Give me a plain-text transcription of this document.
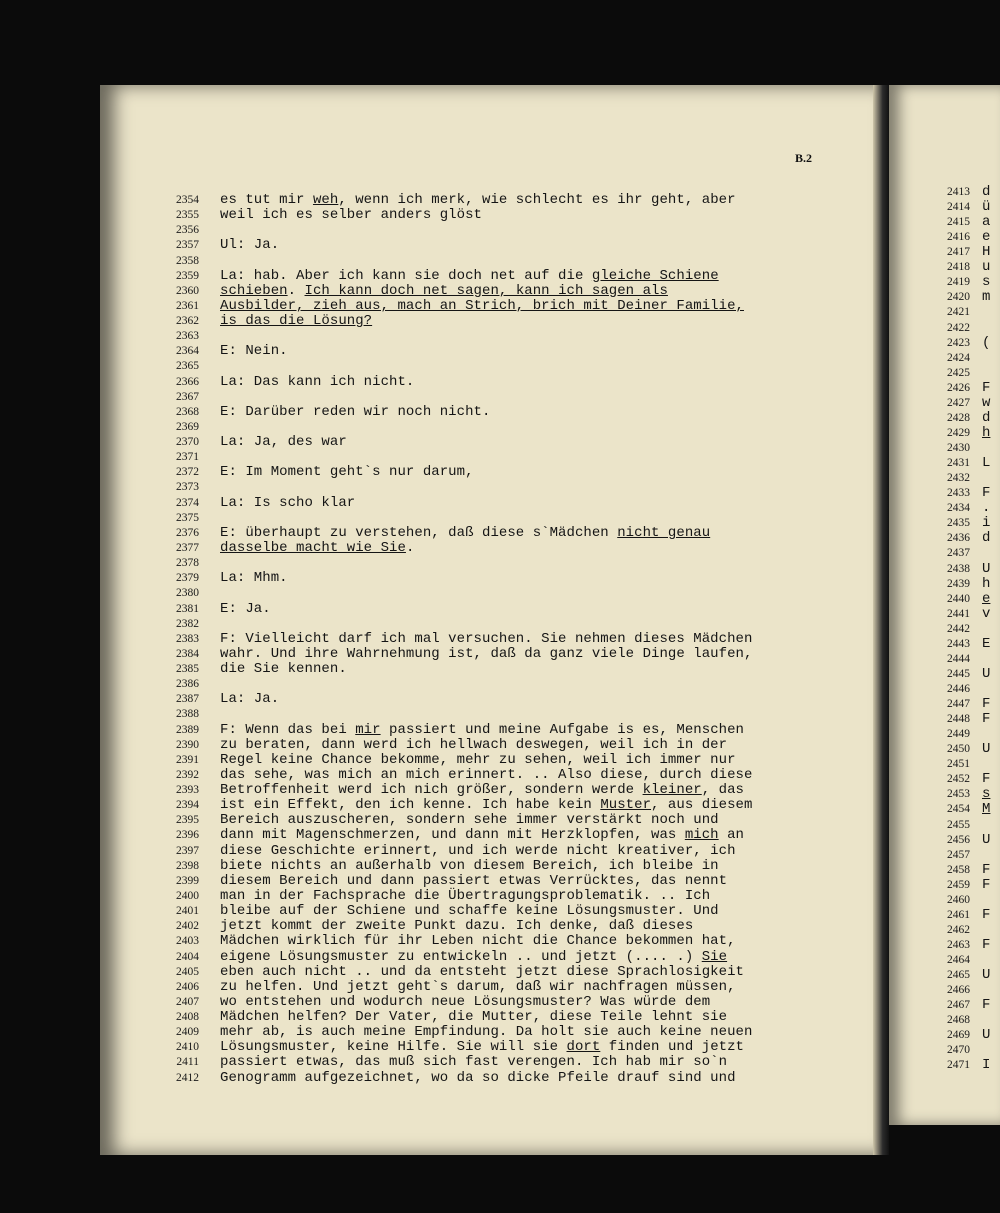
B.2
2354 es tut mir weh, wenn ich merk, wie schlecht es ihr geht, aber
2355 weil ich es selber anders glöst
2356
2357 Ul: Ja.
2358
2359 La: hab. Aber ich kann sie doch net auf die gleiche Schiene
2360 schieben. Ich kann doch net sagen, kann ich sagen als
2361 Ausbilder, zieh aus, mach an Strich, brich mit Deiner Familie,
2362 is das die Lösung?
2363
2364 E: Nein.
2365
2366 La: Das kann ich nicht.
2367
2368 E: Darüber reden wir noch nicht.
2369
2370 La: Ja, des war
2371
2372 E: Im Moment geht`s nur darum,
2373
2374 La: Is scho klar
2375
2376 E: überhaupt zu verstehen, daß diese s`Mädchen nicht genau
2377 dasselbe macht wie Sie.
2378
2379 La: Mhm.
2380
2381 E: Ja.
2382
2383 F: Vielleicht darf ich mal versuchen. Sie nehmen dieses Mädchen
2384 wahr. Und ihre Wahrnehmung ist, daß da ganz viele Dinge laufen,
2385 die Sie kennen.
2386
2387 La: Ja.
2388
2389 F: Wenn das bei mir passiert und meine Aufgabe is es, Menschen
2390 zu beraten, dann werd ich hellwach deswegen, weil ich in der
2391 Regel keine Chance bekomme, mehr zu sehen, weil ich immer nur
2392 das sehe, was mich an mich erinnert. .. Also diese, durch diese
2393 Betroffenheit werd ich nich größer, sondern werde kleiner, das
2394 ist ein Effekt, den ich kenne. Ich habe kein Muster, aus diesem
2395 Bereich auszuscheren, sondern sehe immer verstärkt noch und
2396 dann mit Magenschmerzen, und dann mit Herzklopfen, was mich an
2397 diese Geschichte erinnert, und ich werde nicht kreativer, ich
2398 biete nichts an außerhalb von diesem Bereich, ich bleibe in
2399 diesem Bereich und dann passiert etwas Verrücktes, das nennt
2400 man in der Fachsprache die Übertragungsproblematik. .. Ich
2401 bleibe auf der Schiene und schaffe keine Lösungsmuster. Und
2402 jetzt kommt der zweite Punkt dazu. Ich denke, daß dieses
2403 Mädchen wirklich für ihr Leben nicht die Chance bekommen hat,
2404 eigene Lösungsmuster zu entwickeln .. und jetzt (.... .) Sie
2405 eben auch nicht .. und da entsteht jetzt diese Sprachlosigkeit
2406 zu helfen. Und jetzt geht`s darum, daß wir nachfragen müssen,
2407 wo entstehen und wodurch neue Lösungsmuster? Was würde dem
2408 Mädchen helfen? Der Vater, die Mutter, diese Teile lehnt sie
2409 mehr ab, is auch meine Empfindung. Da holt sie auch keine neuen
2410 Lösungsmuster, keine Hilfe. Sie will sie dort finden und jetzt
2411 passiert etwas, das muß sich fast verengen. Ich hab mir so`n
2412 Genogramm aufgezeichnet, wo da so dicke Pfeile drauf sind und
2413 d
2414 ü
2415 a
2416 e
2417 H
2418 u
2419 s
2420 m
2421
2422
2423 (
2424
2425
2426 F
2427 w
2428 d
2429 h
2430
2431 L
2432
2433 F
2434 .
2435 i
2436 d
2437
2438 U
2439 h
2440 e
2441 v
2442
2443 E
2444
2445 U
2446
2447 F
2448 F
2449
2450 U
2451
2452 F
2453 s
2454 M
2455
2456 U
2457
2458 F
2459 F
2460
2461 F
2462
2463 F
2464
2465 U
2466
2467 F
2468
2469 U
2470
2471 I
